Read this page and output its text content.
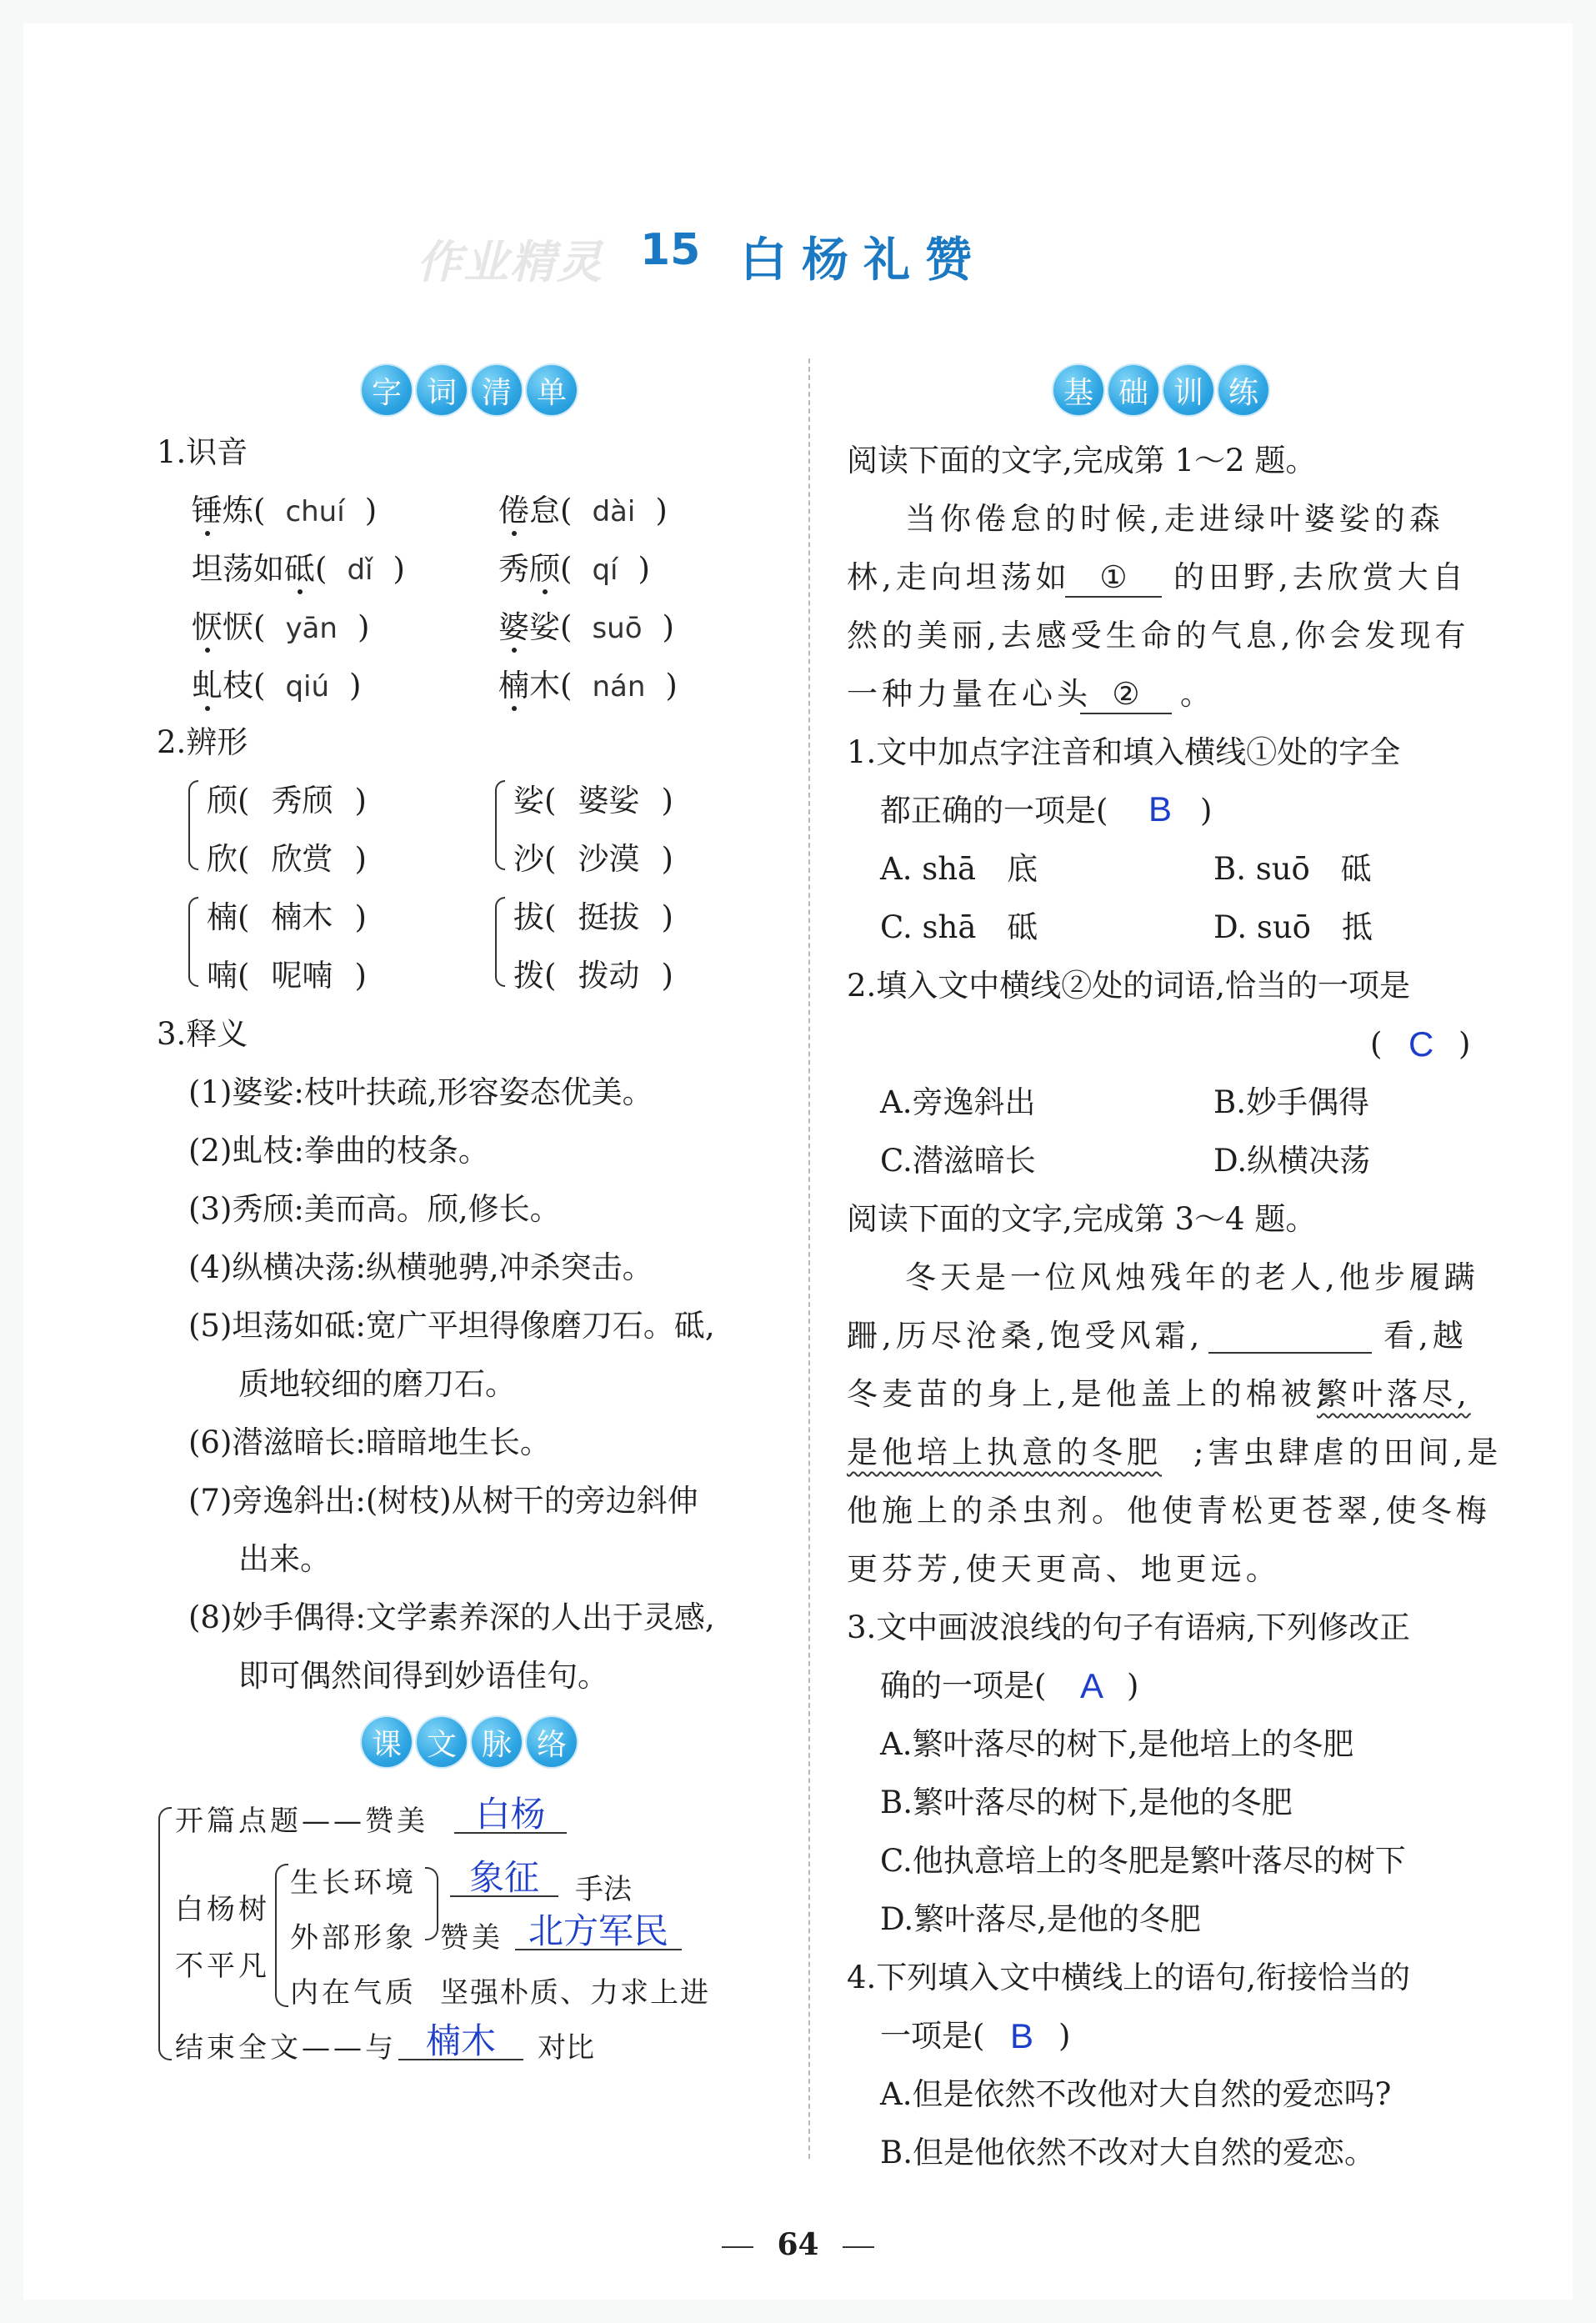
作业精灵 15 白杨礼赞
字 词 清 单
1.识音
锤炼( chuí )	倦怠( dài )
坦荡如砥( dǐ )	秀颀( qí )
恹恹( yān )	婆娑( suō )
虬枝( qiú )	楠木( nán )
2.辨形
颀( 秀颀 )
欣( 欣赏 )
娑( 婆娑 )
沙( 沙漠 )
楠( 楠木 )
喃( 呢喃 )
拔( 挺拔 )
拨( 拨动 )
3.释义
(1)婆娑:枝叶扶疏,形容姿态优美。
(2)虬枝:拳曲的枝条。
(3)秀颀:美而高。颀,修长。
(4)纵横决荡:纵横驰骋,冲杀突击。
(5)坦荡如砥:宽广平坦得像磨刀石。砥,
质地较细的磨刀石。
(6)潜滋暗长:暗暗地生长。
(7)旁逸斜出:(树枝)从树干的旁边斜伸
出来。
(8)妙手偶得:文学素养深的人出于灵感,
即可偶然间得到妙语佳句。
课 文 脉 络
开篇点题——赞美	白杨
白杨树
不平凡
生长环境
外部形象
内在气质
象征	手法
赞美 北方军民
坚强朴质、力求上进
结束全文——与 楠木	对比
基 础 训 练
阅读下面的文字,完成第 1～2 题。
当你倦怠的时候,走进绿叶婆娑的森
林,走向坦荡如 ①	的田野,去欣赏大自
然的美丽,去感受生命的气息,你会发现有
一种力量在心头 ②	。
1.文中加点字注音和填入横线①处的字全
都正确的一项是( B )
A. shā　底	B. suō　砥
C. shā　砥	D. suō　抵
2.填入文中横线②处的词语,恰当的一项是
( C )
A.旁逸斜出	B.妙手偶得
C.潜滋暗长	D.纵横决荡
阅读下面的文字,完成第 3～4 题。
冬天是一位风烛残年的老人,他步履蹒
跚,历尽沧桑,饱受风霜,	看,越
冬麦苗的身上,是他盖上的棉被;
繁叶落尽,
是他培上执意的冬肥 ;害虫肆虐的田间,是
他施上的杀虫剂。他使青松更苍翠,使冬梅
更芬芳,使天更高、地更远。
3.文中画波浪线的句子有语病,下列修改正
确的一项是( A )
A.繁叶落尽的树下,是他培上的冬肥
B.繁叶落尽的树下,是他的冬肥
C.他执意培上的冬肥是繁叶落尽的树下
D.繁叶落尽,是他的冬肥
4.下列填入文中横线上的语句,衔接恰当的
一项是( B )
A.但是依然不改他对大自然的爱恋吗?
B.但是他依然不改对大自然的爱恋。
64
